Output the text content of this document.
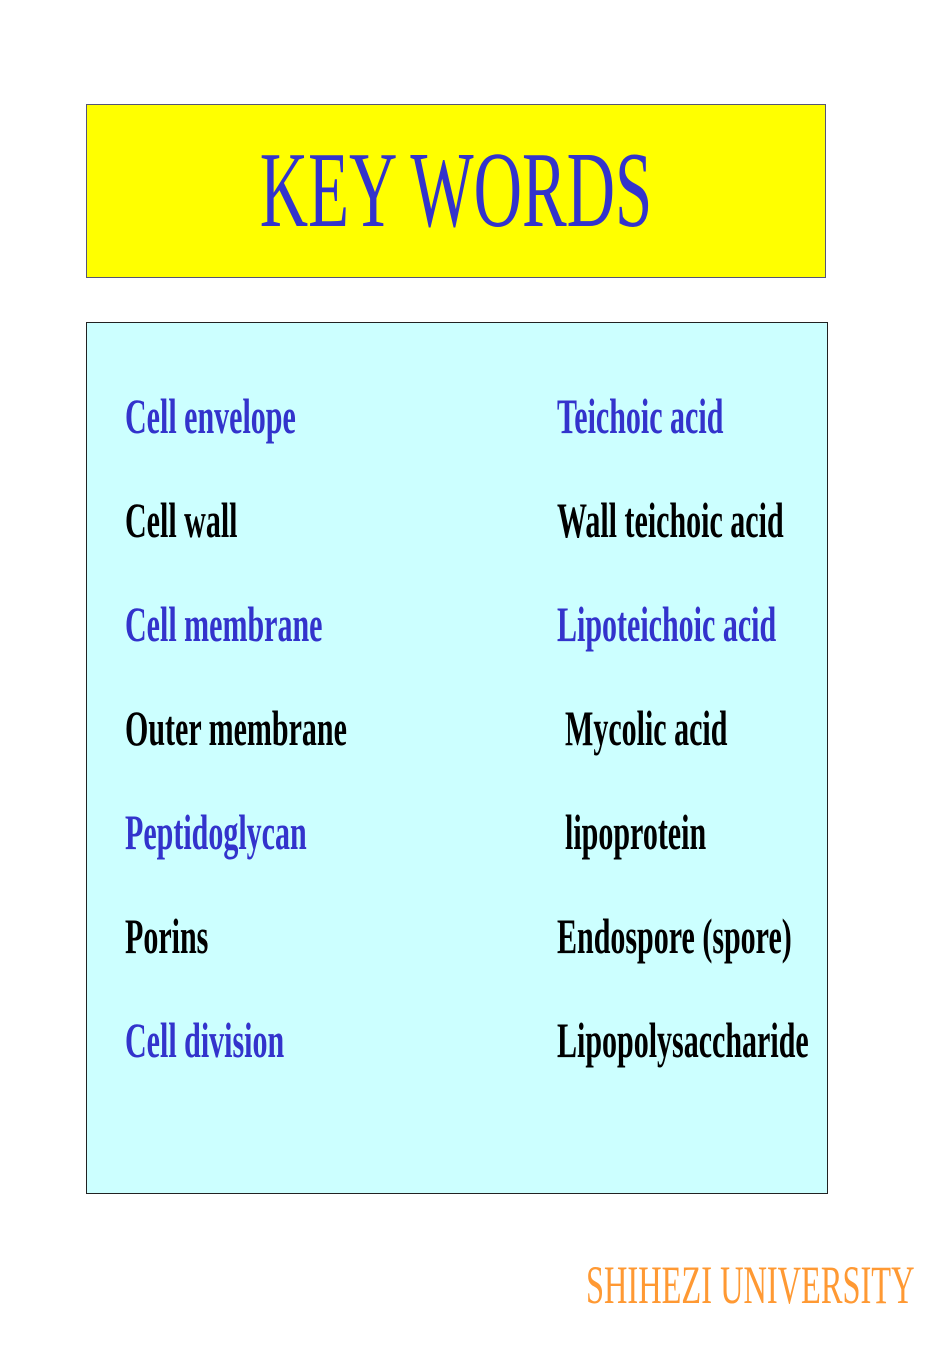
KEY WORDS
Cell envelope
Cell wall
Cell membrane
Outer membrane
Peptidoglycan
Porins
Cell division
Teichoic acid
Wall teichoic acid
Lipoteichoic acid
Mycolic acid
lipoprotein
Endospore (spore)
Lipopolysaccharide
SHIHEZI UNIVERSITY
